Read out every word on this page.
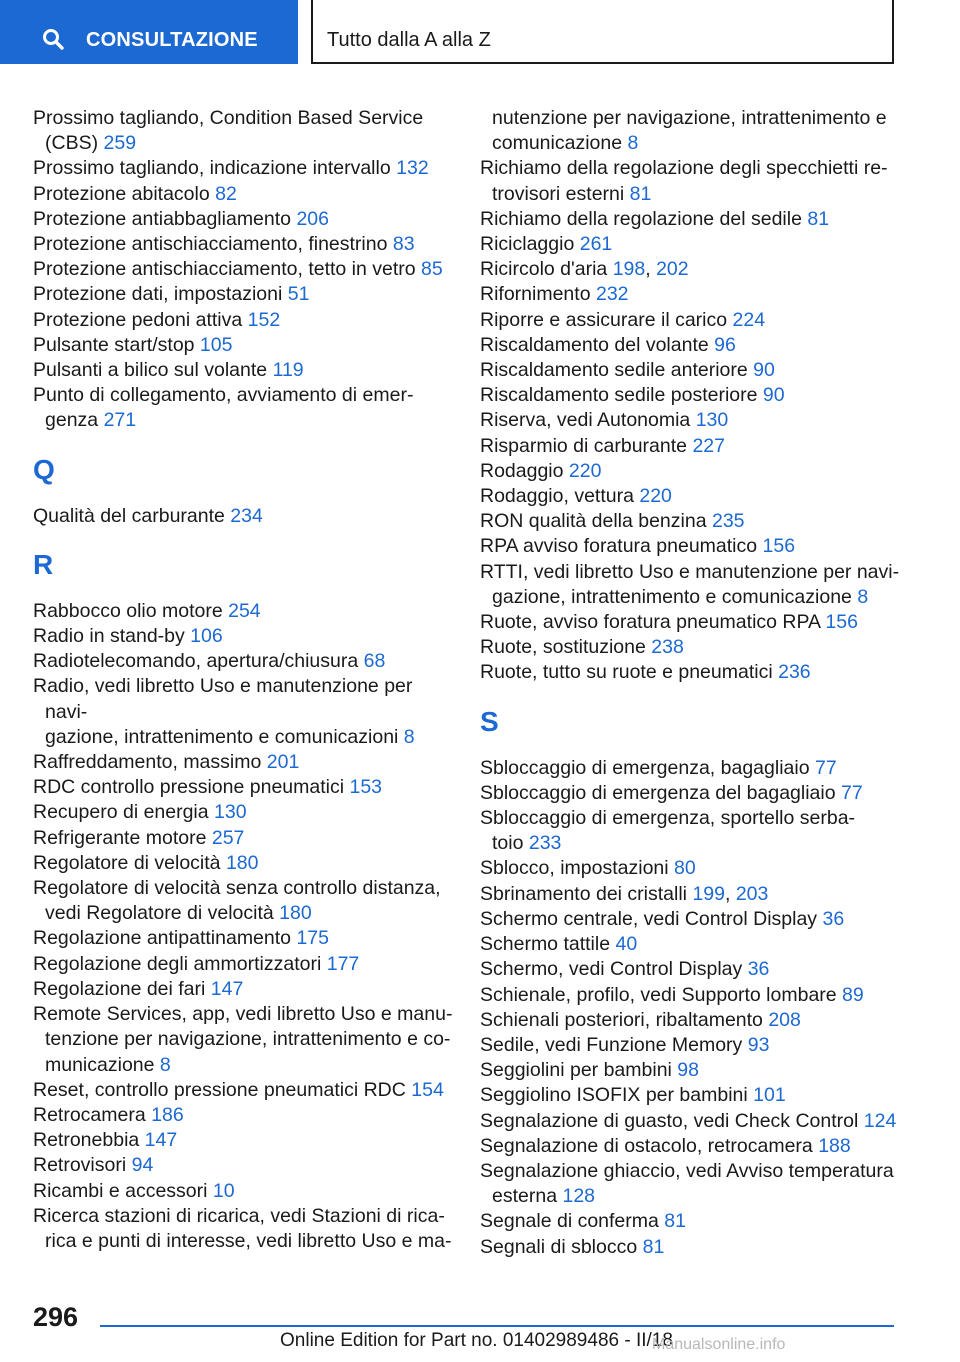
CONSULTAZIONE	Tutto dalla A alla Z
Prossimo tagliando, Condition Based Service
(CBS) 259
Prossimo tagliando, indicazione intervallo 132
Protezione abitacolo 82
Protezione antiabbagliamento 206
Protezione antischiacciamento, finestrino 83
Protezione antischiacciamento, tetto in vetro 85
Protezione dati, impostazioni 51
Protezione pedoni attiva 152
Pulsante start/stop 105
Pulsanti a bilico sul volante 119
Punto di collegamento, avviamento di emer-
genza 271
Q
Qualità del carburante 234
R
Rabbocco olio motore 254
Radio in stand-by 106
Radiotelecomando, apertura/chiusura 68
Radio, vedi libretto Uso e manutenzione per navi-
gazione, intrattenimento e comunicazioni 8
Raffreddamento, massimo 201
RDC controllo pressione pneumatici 153
Recupero di energia 130
Refrigerante motore 257
Regolatore di velocità 180
Regolatore di velocità senza controllo distanza,
vedi Regolatore di velocità 180
Regolazione antipattinamento 175
Regolazione degli ammortizzatori 177
Regolazione dei fari 147
Remote Services, app, vedi libretto Uso e manu-
tenzione per navigazione, intrattenimento e co-
municazione 8
Reset, controllo pressione pneumatici RDC 154
Retrocamera 186
Retronebbia 147
Retrovisori 94
Ricambi e accessori 10
Ricerca stazioni di ricarica, vedi Stazioni di rica-
rica e punti di interesse, vedi libretto Uso e ma-
nutenzione per navigazione, intrattenimento e
comunicazione 8
Richiamo della regolazione degli specchietti re-
trovisori esterni 81
Richiamo della regolazione del sedile 81
Riciclaggio 261
Ricircolo d'aria 198, 202
Rifornimento 232
Riporre e assicurare il carico 224
Riscaldamento del volante 96
Riscaldamento sedile anteriore 90
Riscaldamento sedile posteriore 90
Riserva, vedi Autonomia 130
Risparmio di carburante 227
Rodaggio 220
Rodaggio, vettura 220
RON qualità della benzina 235
RPA avviso foratura pneumatico 156
RTTI, vedi libretto Uso e manutenzione per navi-
gazione, intrattenimento e comunicazione 8
Ruote, avviso foratura pneumatico RPA 156
Ruote, sostituzione 238
Ruote, tutto su ruote e pneumatici 236
S
Sbloccaggio di emergenza, bagagliaio 77
Sbloccaggio di emergenza del bagagliaio 77
Sbloccaggio di emergenza, sportello serba-
toio 233
Sblocco, impostazioni 80
Sbrinamento dei cristalli 199, 203
Schermo centrale, vedi Control Display 36
Schermo tattile 40
Schermo, vedi Control Display 36
Schienale, profilo, vedi Supporto lombare 89
Schienali posteriori, ribaltamento 208
Sedile, vedi Funzione Memory 93
Seggiolini per bambini 98
Seggiolino ISOFIX per bambini 101
Segnalazione di guasto, vedi Check Control 124
Segnalazione di ostacolo, retrocamera 188
Segnalazione ghiaccio, vedi Avviso temperatura
esterna 128
Segnale di conferma 81
Segnali di sblocco 81
296
Online Edition for Part no. 01402989486 - II/18
Manualsonline.info
